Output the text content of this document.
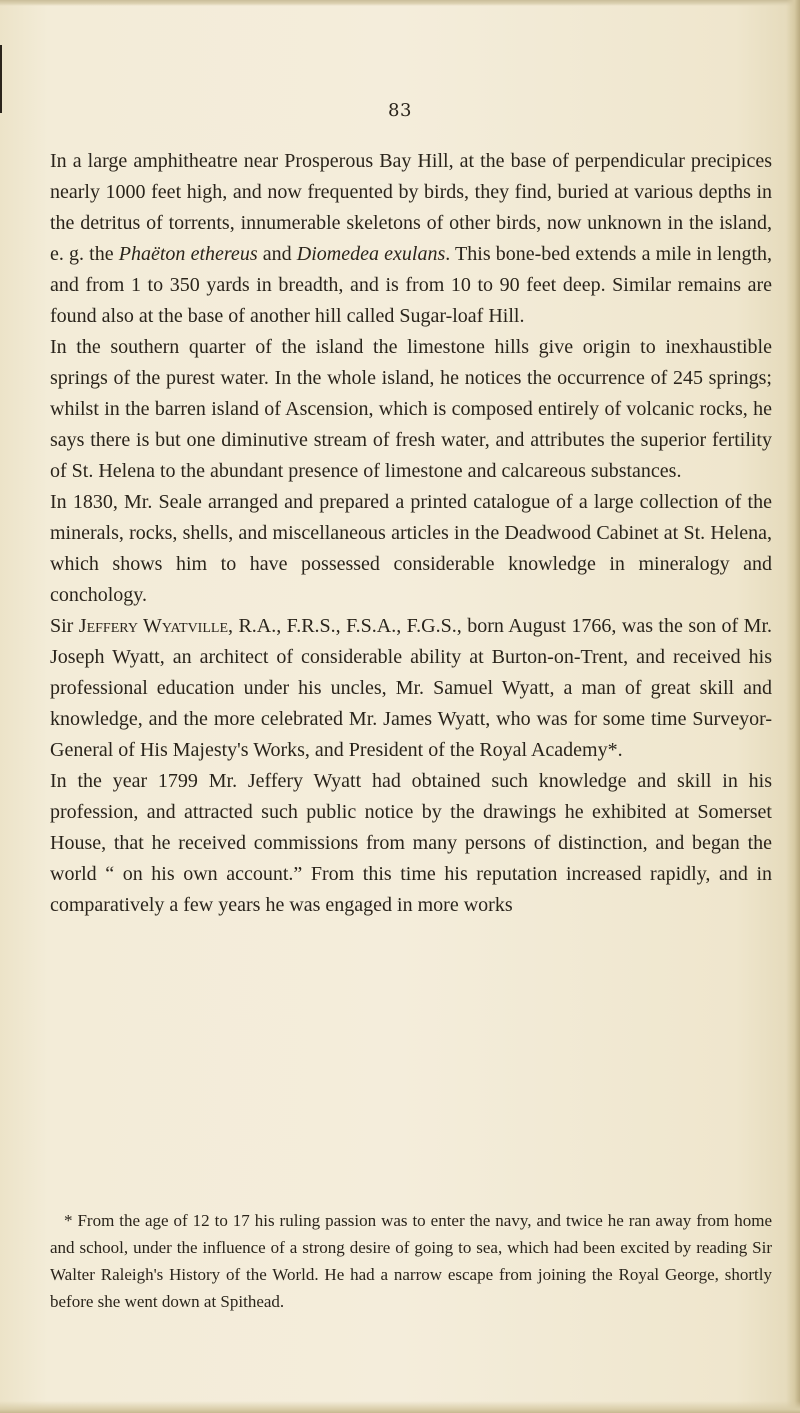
83

In a large amphitheatre near Prosperous Bay Hill, at the base of perpendicular precipices nearly 1000 feet high, and now frequented by birds, they find, buried at various depths in the detritus of torrents, innumerable skeletons of other birds, now unknown in the island, e. g. the Phaëton ethereus and Diomedea exulans. This bone-bed extends a mile in length, and from 1 to 350 yards in breadth, and is from 10 to 90 feet deep. Similar remains are found also at the base of another hill called Sugar-loaf Hill.

In the southern quarter of the island the limestone hills give origin to inexhaustible springs of the purest water. In the whole island, he notices the occurrence of 245 springs; whilst in the barren island of Ascension, which is composed entirely of volcanic rocks, he says there is but one diminutive stream of fresh water, and attributes the superior fertility of St. Helena to the abundant presence of limestone and calcareous substances.

In 1830, Mr. Seale arranged and prepared a printed catalogue of a large collection of the minerals, rocks, shells, and miscellaneous articles in the Deadwood Cabinet at St. Helena, which shows him to have possessed considerable knowledge in mineralogy and conchology.

Sir Jeffery Wyatville, R.A., F.R.S., F.S.A., F.G.S., born August 1766, was the son of Mr. Joseph Wyatt, an architect of considerable ability at Burton-on-Trent, and received his professional education under his uncles, Mr. Samuel Wyatt, a man of great skill and knowledge, and the more celebrated Mr. James Wyatt, who was for some time Surveyor-General of His Majesty's Works, and President of the Royal Academy*.

In the year 1799 Mr. Jeffery Wyatt had obtained such knowledge and skill in his profession, and attracted such public notice by the drawings he exhibited at Somerset House, that he received commissions from many persons of distinction, and began the world “ on his own account.” From this time his reputation increased rapidly, and in comparatively a few years he was engaged in more works

* From the age of 12 to 17 his ruling passion was to enter the navy, and twice he ran away from home and school, under the influence of a strong desire of going to sea, which had been excited by reading Sir Walter Raleigh's History of the World. He had a narrow escape from joining the Royal George, shortly before she went down at Spithead.
